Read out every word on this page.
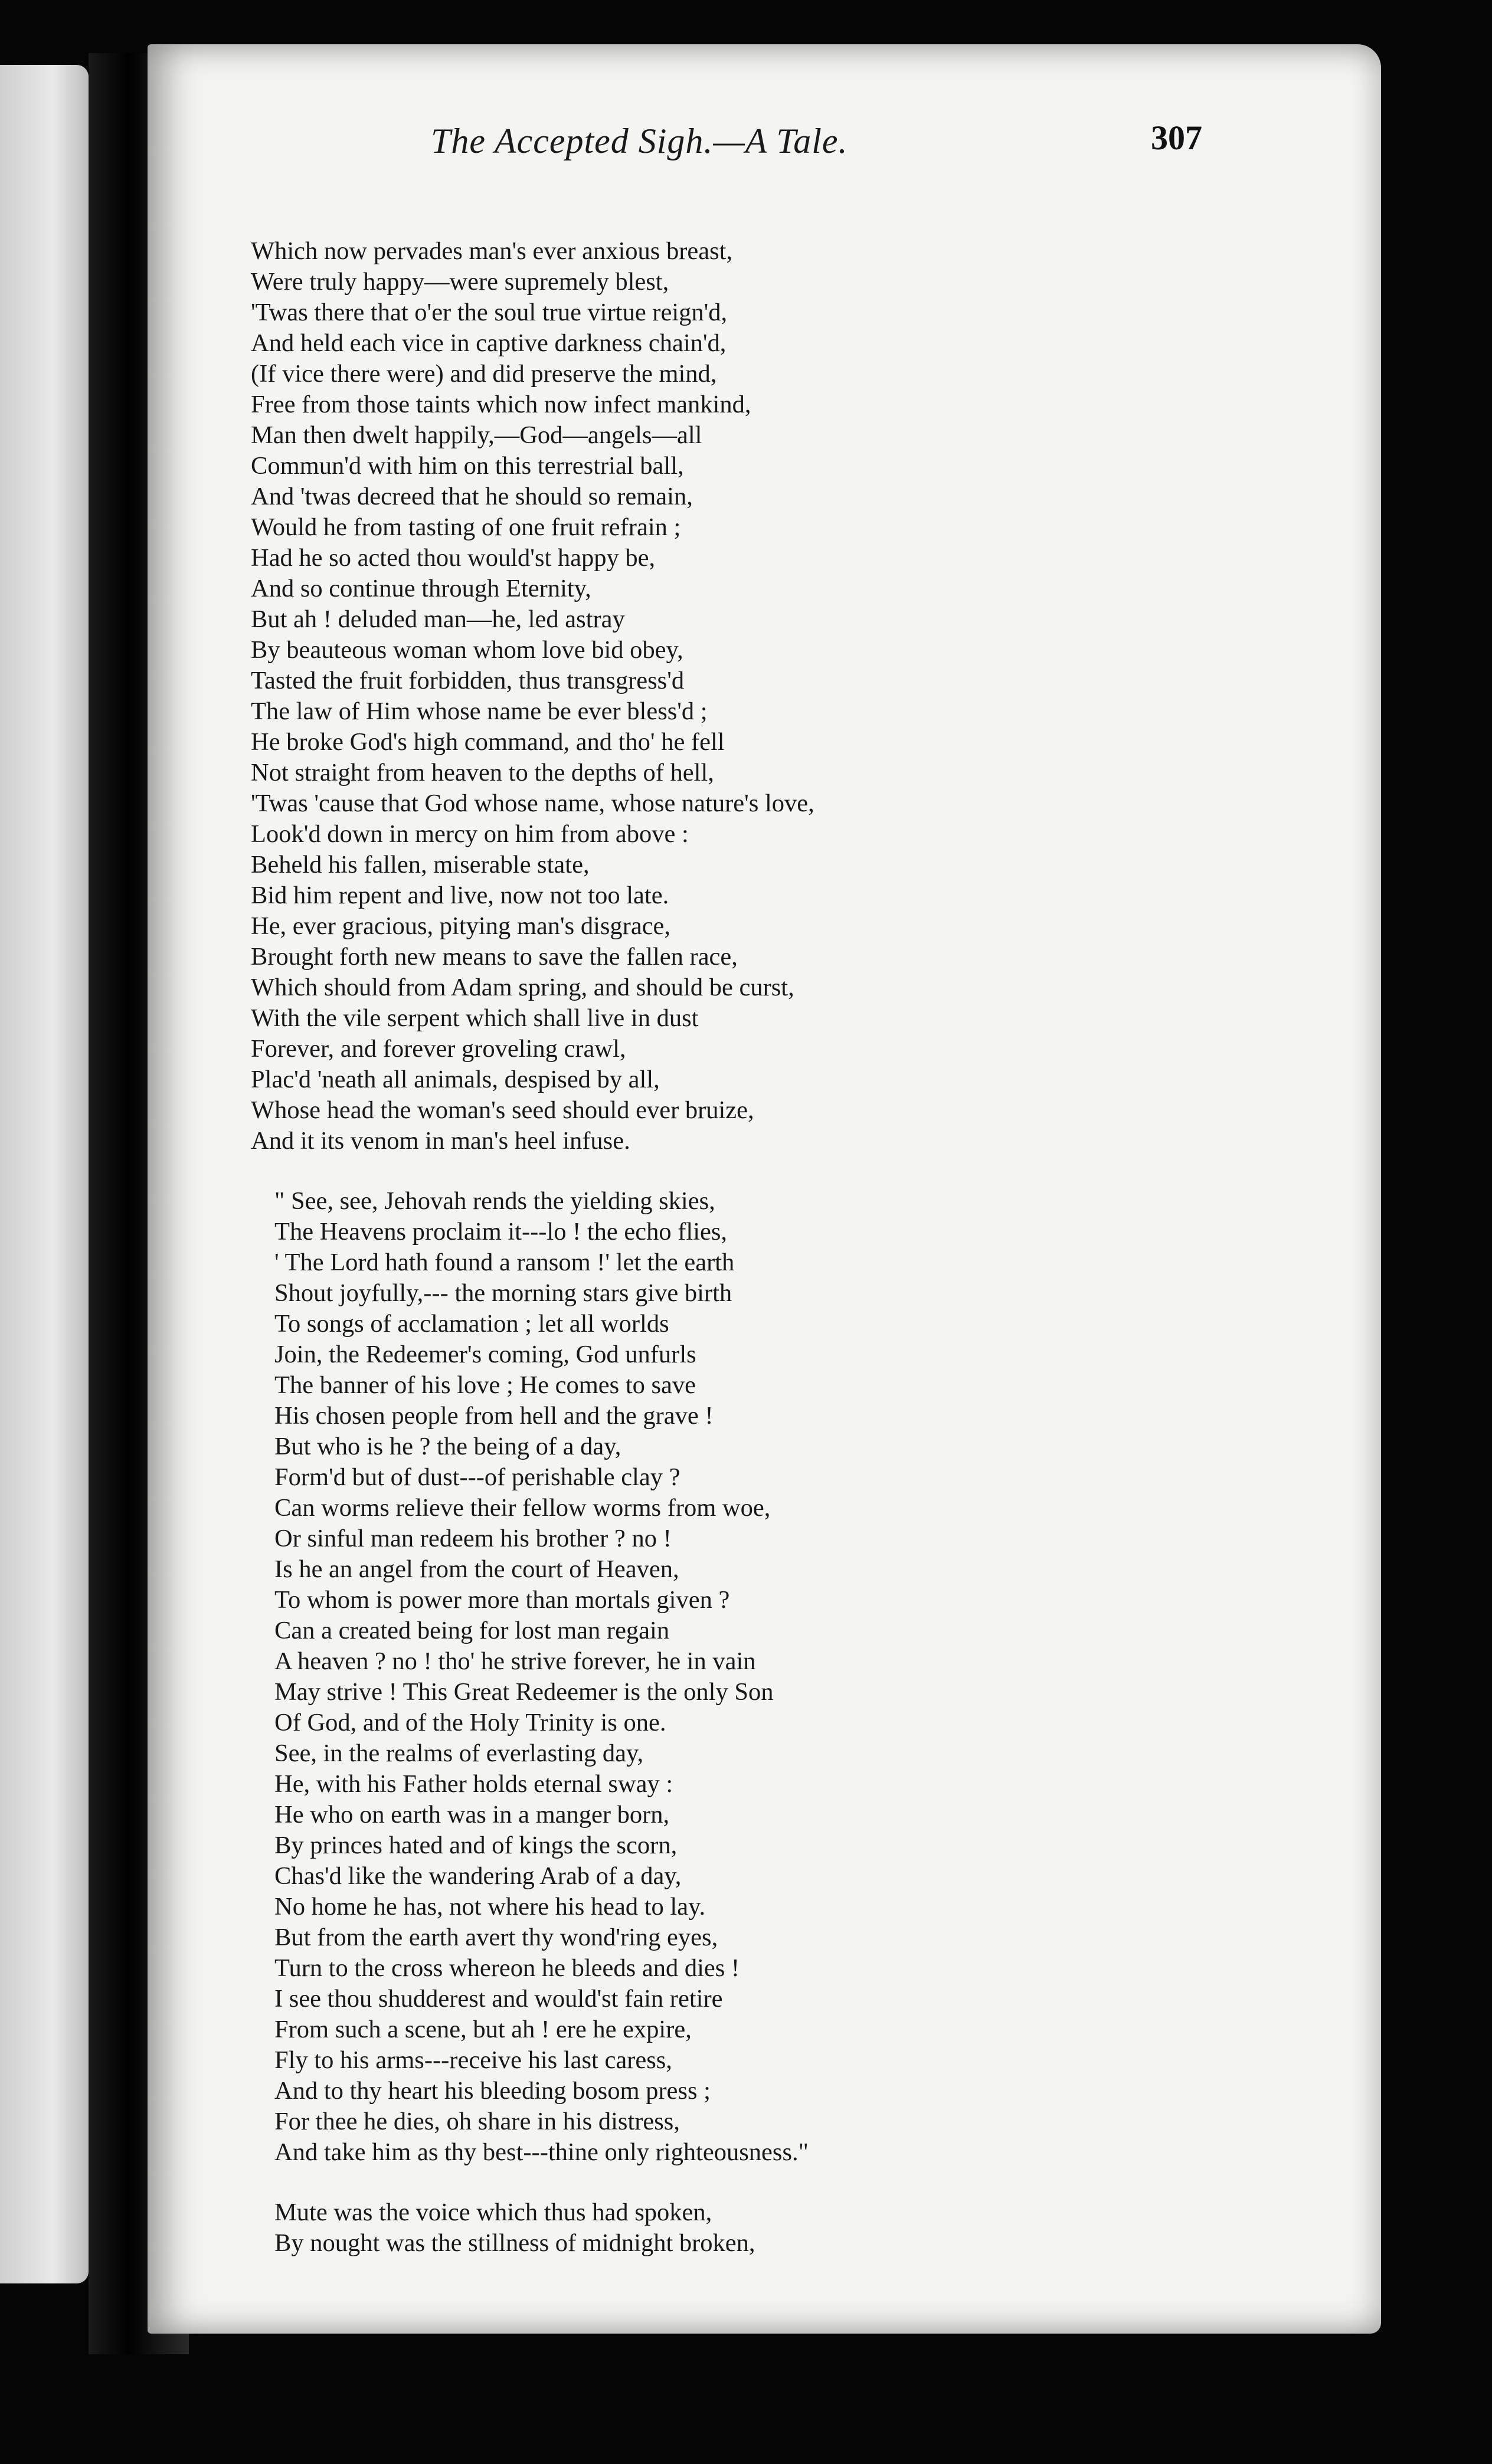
The Accepted Sigh.—A Tale.	307
Which now pervades man's ever anxious breast,
Were truly happy—were supremely blest,
'Twas there that o'er the soul true virtue reign'd,
And held each vice in captive darkness chain'd,
(If vice there were) and did preserve the mind,
Free from those taints which now infect mankind,
Man then dwelt happily,—God—angels—all
Commun'd with him on this terrestrial ball,
And 'twas decreed that he should so remain,
Would he from tasting of one fruit refrain ;
Had he so acted thou would'st happy be,
And so continue through Eternity,
But ah ! deluded man—he, led astray
By beauteous woman whom love bid obey,
Tasted the fruit forbidden, thus transgress'd
The law of Him whose name be ever bless'd ;
He broke God's high command, and tho' he fell
Not straight from heaven to the depths of hell,
'Twas 'cause that God whose name, whose nature's love,
Look'd down in mercy on him from above :
Beheld his fallen, miserable state,
Bid him repent and live, now not too late.
He, ever gracious, pitying man's disgrace,
Brought forth new means to save the fallen race,
Which should from Adam spring, and should be curst,
With the vile serpent which shall live in dust
Forever, and forever groveling crawl,
Plac'd 'neath all animals, despised by all,
Whose head the woman's seed should ever bruize,
And it its venom in man's heel infuse.
" See, see, Jehovah rends the yielding skies,
The Heavens proclaim it---lo ! the echo flies,
' The Lord hath found a ransom !' let the earth
Shout joyfully,--- the morning stars give birth
To songs of acclamation ; let all worlds
Join, the Redeemer's coming, God unfurls
The banner of his love ; He comes to save
His chosen people from hell and the grave !
But who is he ? the being of a day,
Form'd but of dust---of perishable clay ?
Can worms relieve their fellow worms from woe,
Or sinful man redeem his brother ? no !
Is he an angel from the court of Heaven,
To whom is power more than mortals given ?
Can a created being for lost man regain
A heaven ? no ! tho' he strive forever, he in vain
May strive ! This Great Redeemer is the only Son
Of God, and of the Holy Trinity is one.
See, in the realms of everlasting day,
He, with his Father holds eternal sway :
He who on earth was in a manger born,
By princes hated and of kings the scorn,
Chas'd like the wandering Arab of a day,
No home he has, not where his head to lay.
But from the earth avert thy wond'ring eyes,
Turn to the cross whereon he bleeds and dies !
I see thou shudderest and would'st fain retire
From such a scene, but ah ! ere he expire,
Fly to his arms---receive his last caress,
And to thy heart his bleeding bosom press ;
For thee he dies, oh share in his distress,
And take him as thy best---thine only righteousness."
Mute was the voice which thus had spoken,
By nought was the stillness of midnight broken,
